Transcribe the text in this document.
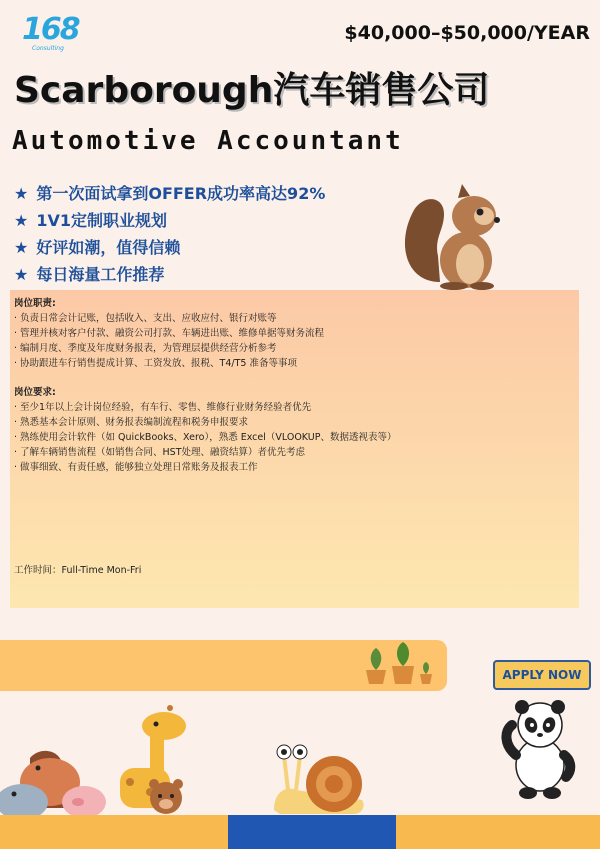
168
Consulting
$40,000–$50,000/YEAR
Scarborough汽车销售公司
Automotive Accountant
★ 第一次面试拿到OFFER成功率高达92%
★ 1V1定制职业规划
★ 好评如潮，值得信赖
★ 每日海量工作推荐
岗位职责:
· 负责日常会计记账，包括收入、支出、应收应付、银行对账等
· 管理并核对客户付款、融资公司打款、车辆进出账、维修单据等财务流程
· 编制月度、季度及年度财务报表，为管理层提供经营分析参考
· 协助跟进车行销售提成计算、工资发放、报税、T4/T5 准备等事项
岗位要求:
· 至少1年以上会计岗位经验，有车行、零售、维修行业财务经验者优先
· 熟悉基本会计原则、财务报表编制流程和税务申报要求
· 熟练使用会计软件（如 QuickBooks、Xero），熟悉 Excel（VLOOKUP、数据透视表等）
· 了解车辆销售流程（如销售合同、HST处理、融资结算）者优先考虑
· 做事细致、有责任感，能够独立处理日常账务及报表工作
工作时间：Full-Time Mon-Fri
APPLY NOW
